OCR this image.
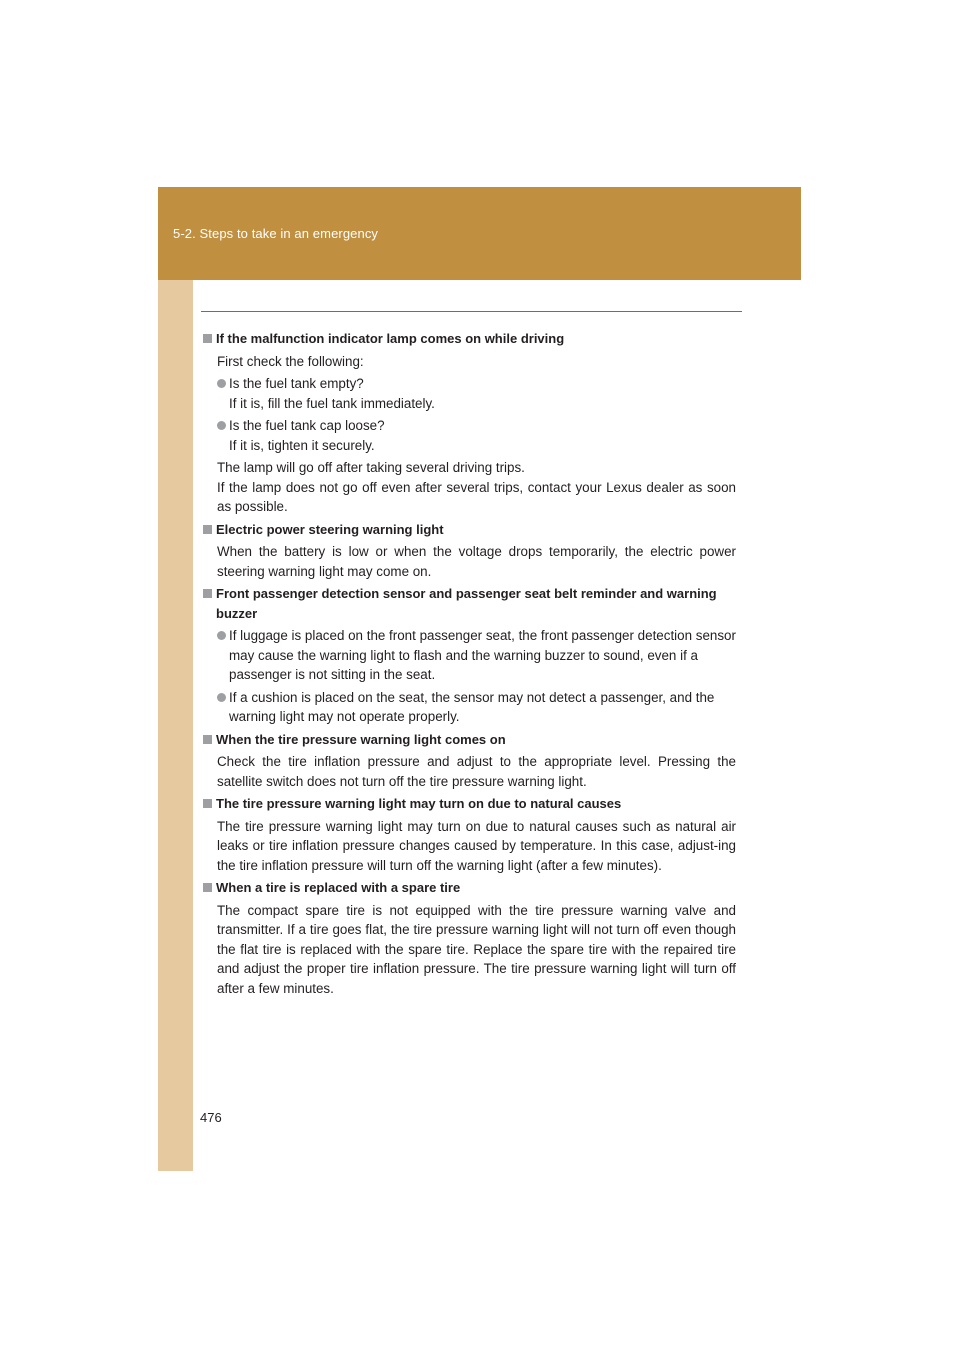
5-2. Steps to take in an emergency
If the malfunction indicator lamp comes on while driving

First check the following:

Is the fuel tank empty?
If it is, fill the fuel tank immediately.
Is the fuel tank cap loose?
If it is, tighten it securely.

The lamp will go off after taking several driving trips.

If the lamp does not go off even after several trips, contact your Lexus dealer as soon as possible.

Electric power steering warning light

When the battery is low or when the voltage drops temporarily, the electric power steering warning light may come on.

Front passenger detection sensor and passenger seat belt reminder and warning buzzer
If luggage is placed on the front passenger seat, the front passenger detection sensor may cause the warning light to flash and the warning buzzer to sound, even if a passenger is not sitting in the seat.
If a cushion is placed on the seat, the sensor may not detect a passenger, and the warning light may not operate properly.
When the tire pressure warning light comes on

Check the tire inflation pressure and adjust to the appropriate level. Pressing the satellite switch does not turn off the tire pressure warning light.

The tire pressure warning light may turn on due to natural causes

The tire pressure warning light may turn on due to natural causes such as natural air leaks or tire inflation pressure changes caused by temperature. In this case, adjust-ing the tire inflation pressure will turn off the warning light (after a few minutes).

When a tire is replaced with a spare tire

The compact spare tire is not equipped with the tire pressure warning valve and transmitter. If a tire goes flat, the tire pressure warning light will not turn off even though the flat tire is replaced with the spare tire. Replace the spare tire with the repaired tire and adjust the proper tire inflation pressure. The tire pressure warning light will turn off after a few minutes.

476
